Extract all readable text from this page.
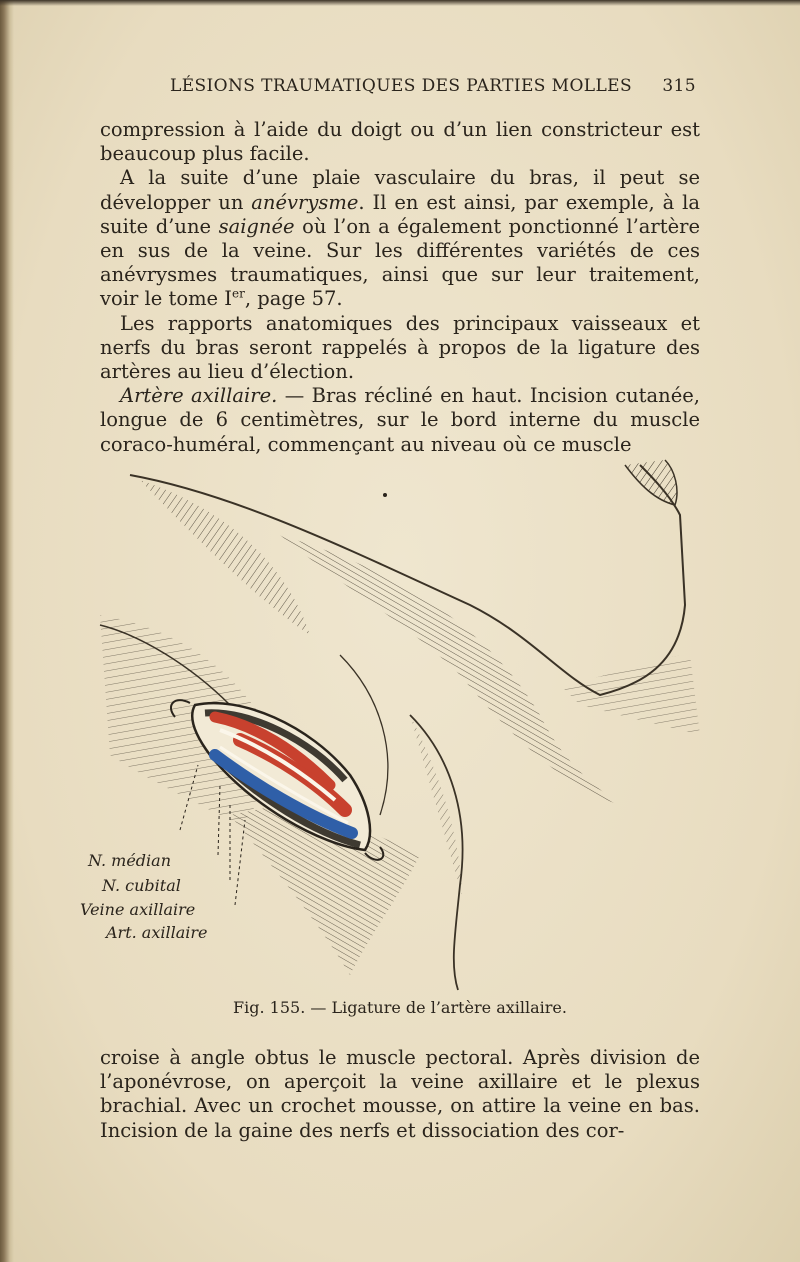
LÉSIONS TRAUMATIQUES DES PARTIES MOLLES 315

compression à l’aide du doigt ou d’un lien constricteur est beaucoup plus facile.

A la suite d’une plaie vasculaire du bras, il peut se développer un anévrysme. Il en est ainsi, par exemple, à la suite d’une saignée où l’on a également ponctionné l’artère en sus de la veine. Sur les différentes variétés de ces anévrysmes traumatiques, ainsi que sur leur traitement, voir le tome Ier, page 57.

Les rapports anatomiques des principaux vaisseaux et nerfs du bras seront rappelés à propos de la ligature des artères au lieu d’élection.

Artère axillaire. — Bras récliné en haut. Incision cutanée, longue de 6 centimètres, sur le bord interne du muscle coraco-huméral, commençant au niveau où ce muscle

N. médian
N. cubital
Veine axillaire
Art. axillaire
Fig. 155. — Ligature de l’artère axillaire.

croise à angle obtus le muscle pectoral. Après division de l’aponévrose, on aperçoit la veine axillaire et le plexus brachial. Avec un crochet mousse, on attire la veine en bas. Incision de la gaine des nerfs et dissociation des cor-
